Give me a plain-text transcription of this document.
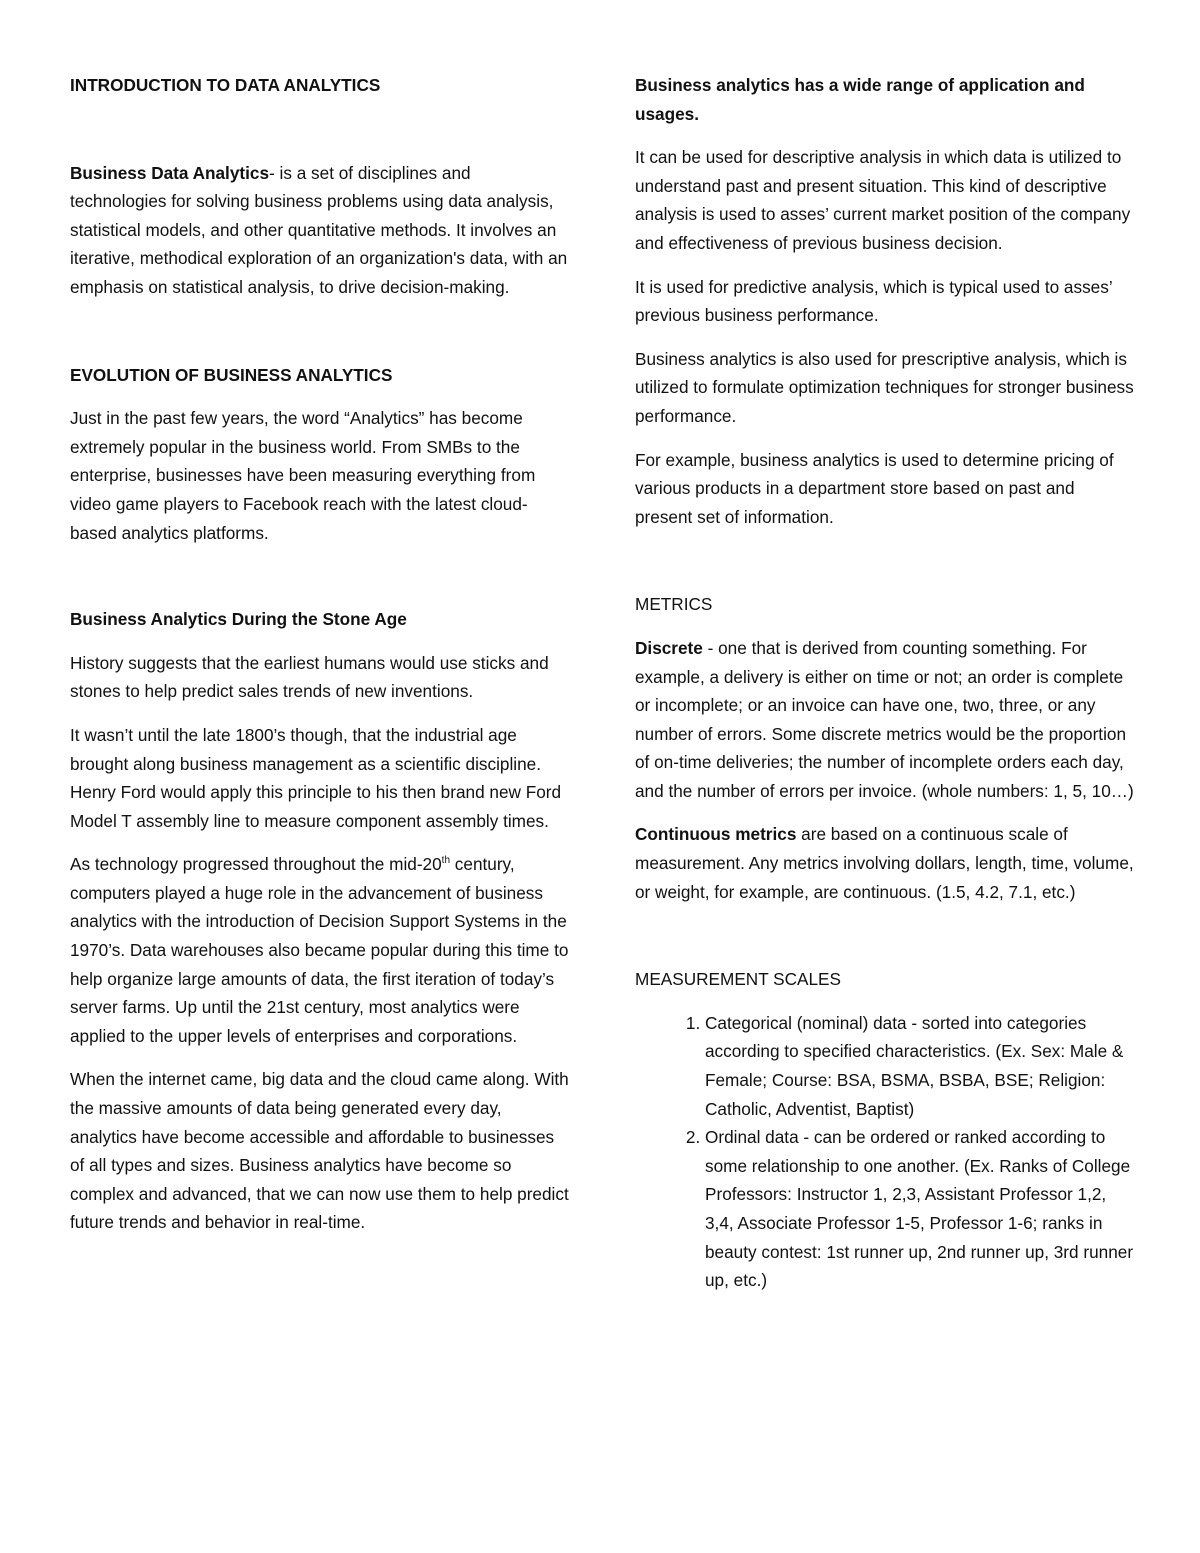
INTRODUCTION TO DATA ANALYTICS

Business Data Analytics- is a set of disciplines and technologies for solving business problems using data analysis, statistical models, and other quantitative methods. It involves an iterative, methodical exploration of an organization's data, with an emphasis on statistical analysis, to drive decision-making.

EVOLUTION OF BUSINESS ANALYTICS

Just in the past few years, the word “Analytics” has become extremely popular in the business world. From SMBs to the enterprise, businesses have been measuring everything from video game players to Facebook reach with the latest cloud-based analytics platforms.

Business Analytics During the Stone Age

History suggests that the earliest humans would use sticks and stones to help predict sales trends of new inventions.

It wasn’t until the late 1800’s though, that the industrial age brought along business management as a scientific discipline. Henry Ford would apply this principle to his then brand new Ford Model T assembly line to measure component assembly times.

As technology progressed throughout the mid-20th century, computers played a huge role in the advancement of business analytics with the introduction of Decision Support Systems in the 1970’s. Data warehouses also became popular during this time to help organize large amounts of data, the first iteration of today’s server farms. Up until the 21st century, most analytics were applied to the upper levels of enterprises and corporations.

When the internet came, big data and the cloud came along. With the massive amounts of data being generated every day, analytics have become accessible and affordable to businesses of all types and sizes. Business analytics have become so complex and advanced, that we can now use them to help predict future trends and behavior in real-time.

Business analytics has a wide range of application and usages.

It can be used for descriptive analysis in which data is utilized to understand past and present situation. This kind of descriptive analysis is used to asses’ current market position of the company and effectiveness of previous business decision.

It is used for predictive analysis, which is typical used to asses’ previous business performance.

Business analytics is also used for prescriptive analysis, which is utilized to formulate optimization techniques for stronger business performance.

For example, business analytics is used to determine pricing of various products in a department store based on past and present set of information.

METRICS

Discrete - one that is derived from counting something. For example, a delivery is either on time or not; an order is complete or incomplete; or an invoice can have one, two, three, or any number of errors. Some discrete metrics would be the proportion of on-time deliveries; the number of incomplete orders each day, and the number of errors per invoice. (whole numbers: 1, 5, 10…)

Continuous metrics are based on a continuous scale of measurement. Any metrics involving dollars, length, time, volume, or weight, for example, are continuous. (1.5, 4.2, 7.1, etc.)

MEASUREMENT SCALES

1. Categorical (nominal) data - sorted into categories according to specified characteristics. (Ex. Sex: Male & Female; Course: BSA, BSMA, BSBA, BSE; Religion: Catholic, Adventist, Baptist)
2. Ordinal data - can be ordered or ranked according to some relationship to one another. (Ex. Ranks of College Professors: Instructor 1, 2,3, Assistant Professor 1,2, 3,4, Associate Professor 1-5, Professor 1-6; ranks in beauty contest: 1st runner up, 2nd runner up, 3rd runner up, etc.)
